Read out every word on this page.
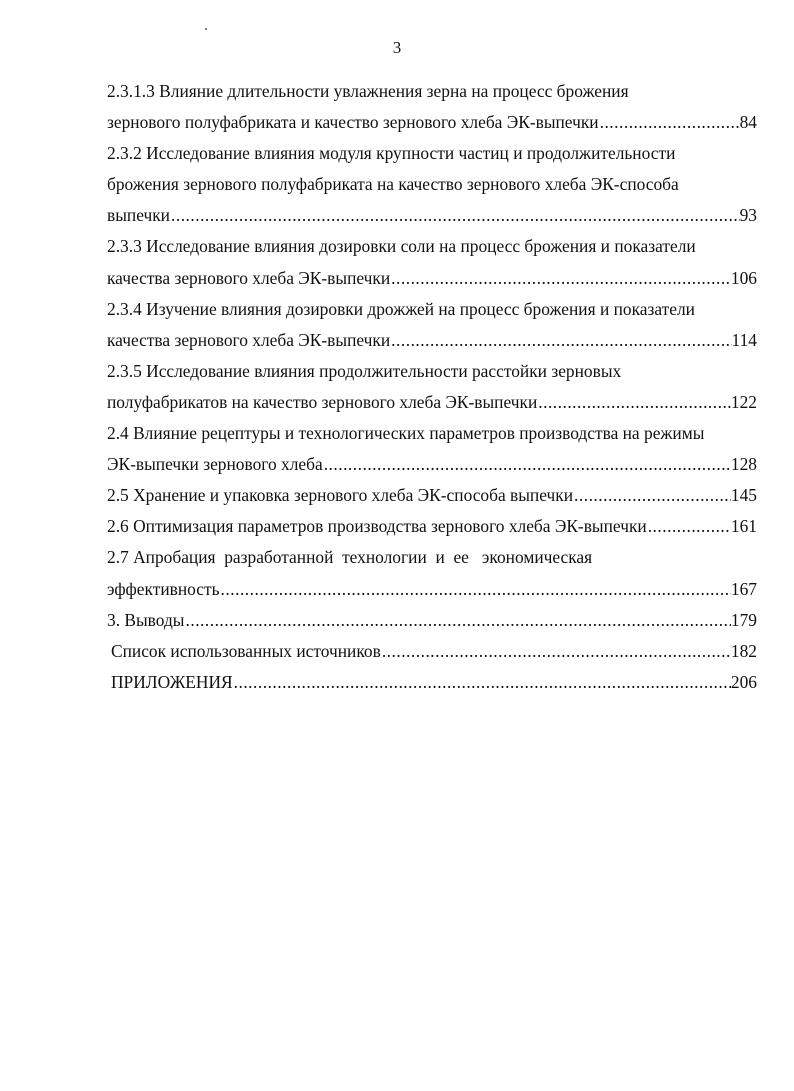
3
2.3.1.3 Влияние длительности увлажнения зерна на процесс брожения
зернового полуфабриката и качество зернового хлеба ЭК-выпечки .....	84
2.3.2 Исследование влияния модуля крупности частиц и продолжительности
брожения зернового полуфабриката на качество зернового хлеба ЭК-способа
выпечки .....	93
2.3.3 Исследование влияния дозировки соли на процесс брожения и показатели
качества зернового хлеба ЭК-выпечки .....	106
2.3.4 Изучение влияния дозировки дрожжей на процесс брожения и показатели
качества зернового хлеба ЭК-выпечки .....	114
2.3.5 Исследование влияния продолжительности расстойки зерновых
полуфабрикатов на качество зернового хлеба ЭК-выпечки .....	122
2.4 Влияние рецептуры и технологических параметров производства на режимы
ЭК-выпечки зернового хлеба .....	128
2.5 Хранение и упаковка зернового хлеба ЭК-способа выпечки .....	145
2.6 Оптимизация параметров производства зернового хлеба ЭК-выпечки .....	161
2.7 Апробация  разработанной  технологии  и  ее   экономическая
эффективность .....	167
3. Выводы .....	179
Список использованных источников .....	182
ПРИЛОЖЕНИЯ .....	206
